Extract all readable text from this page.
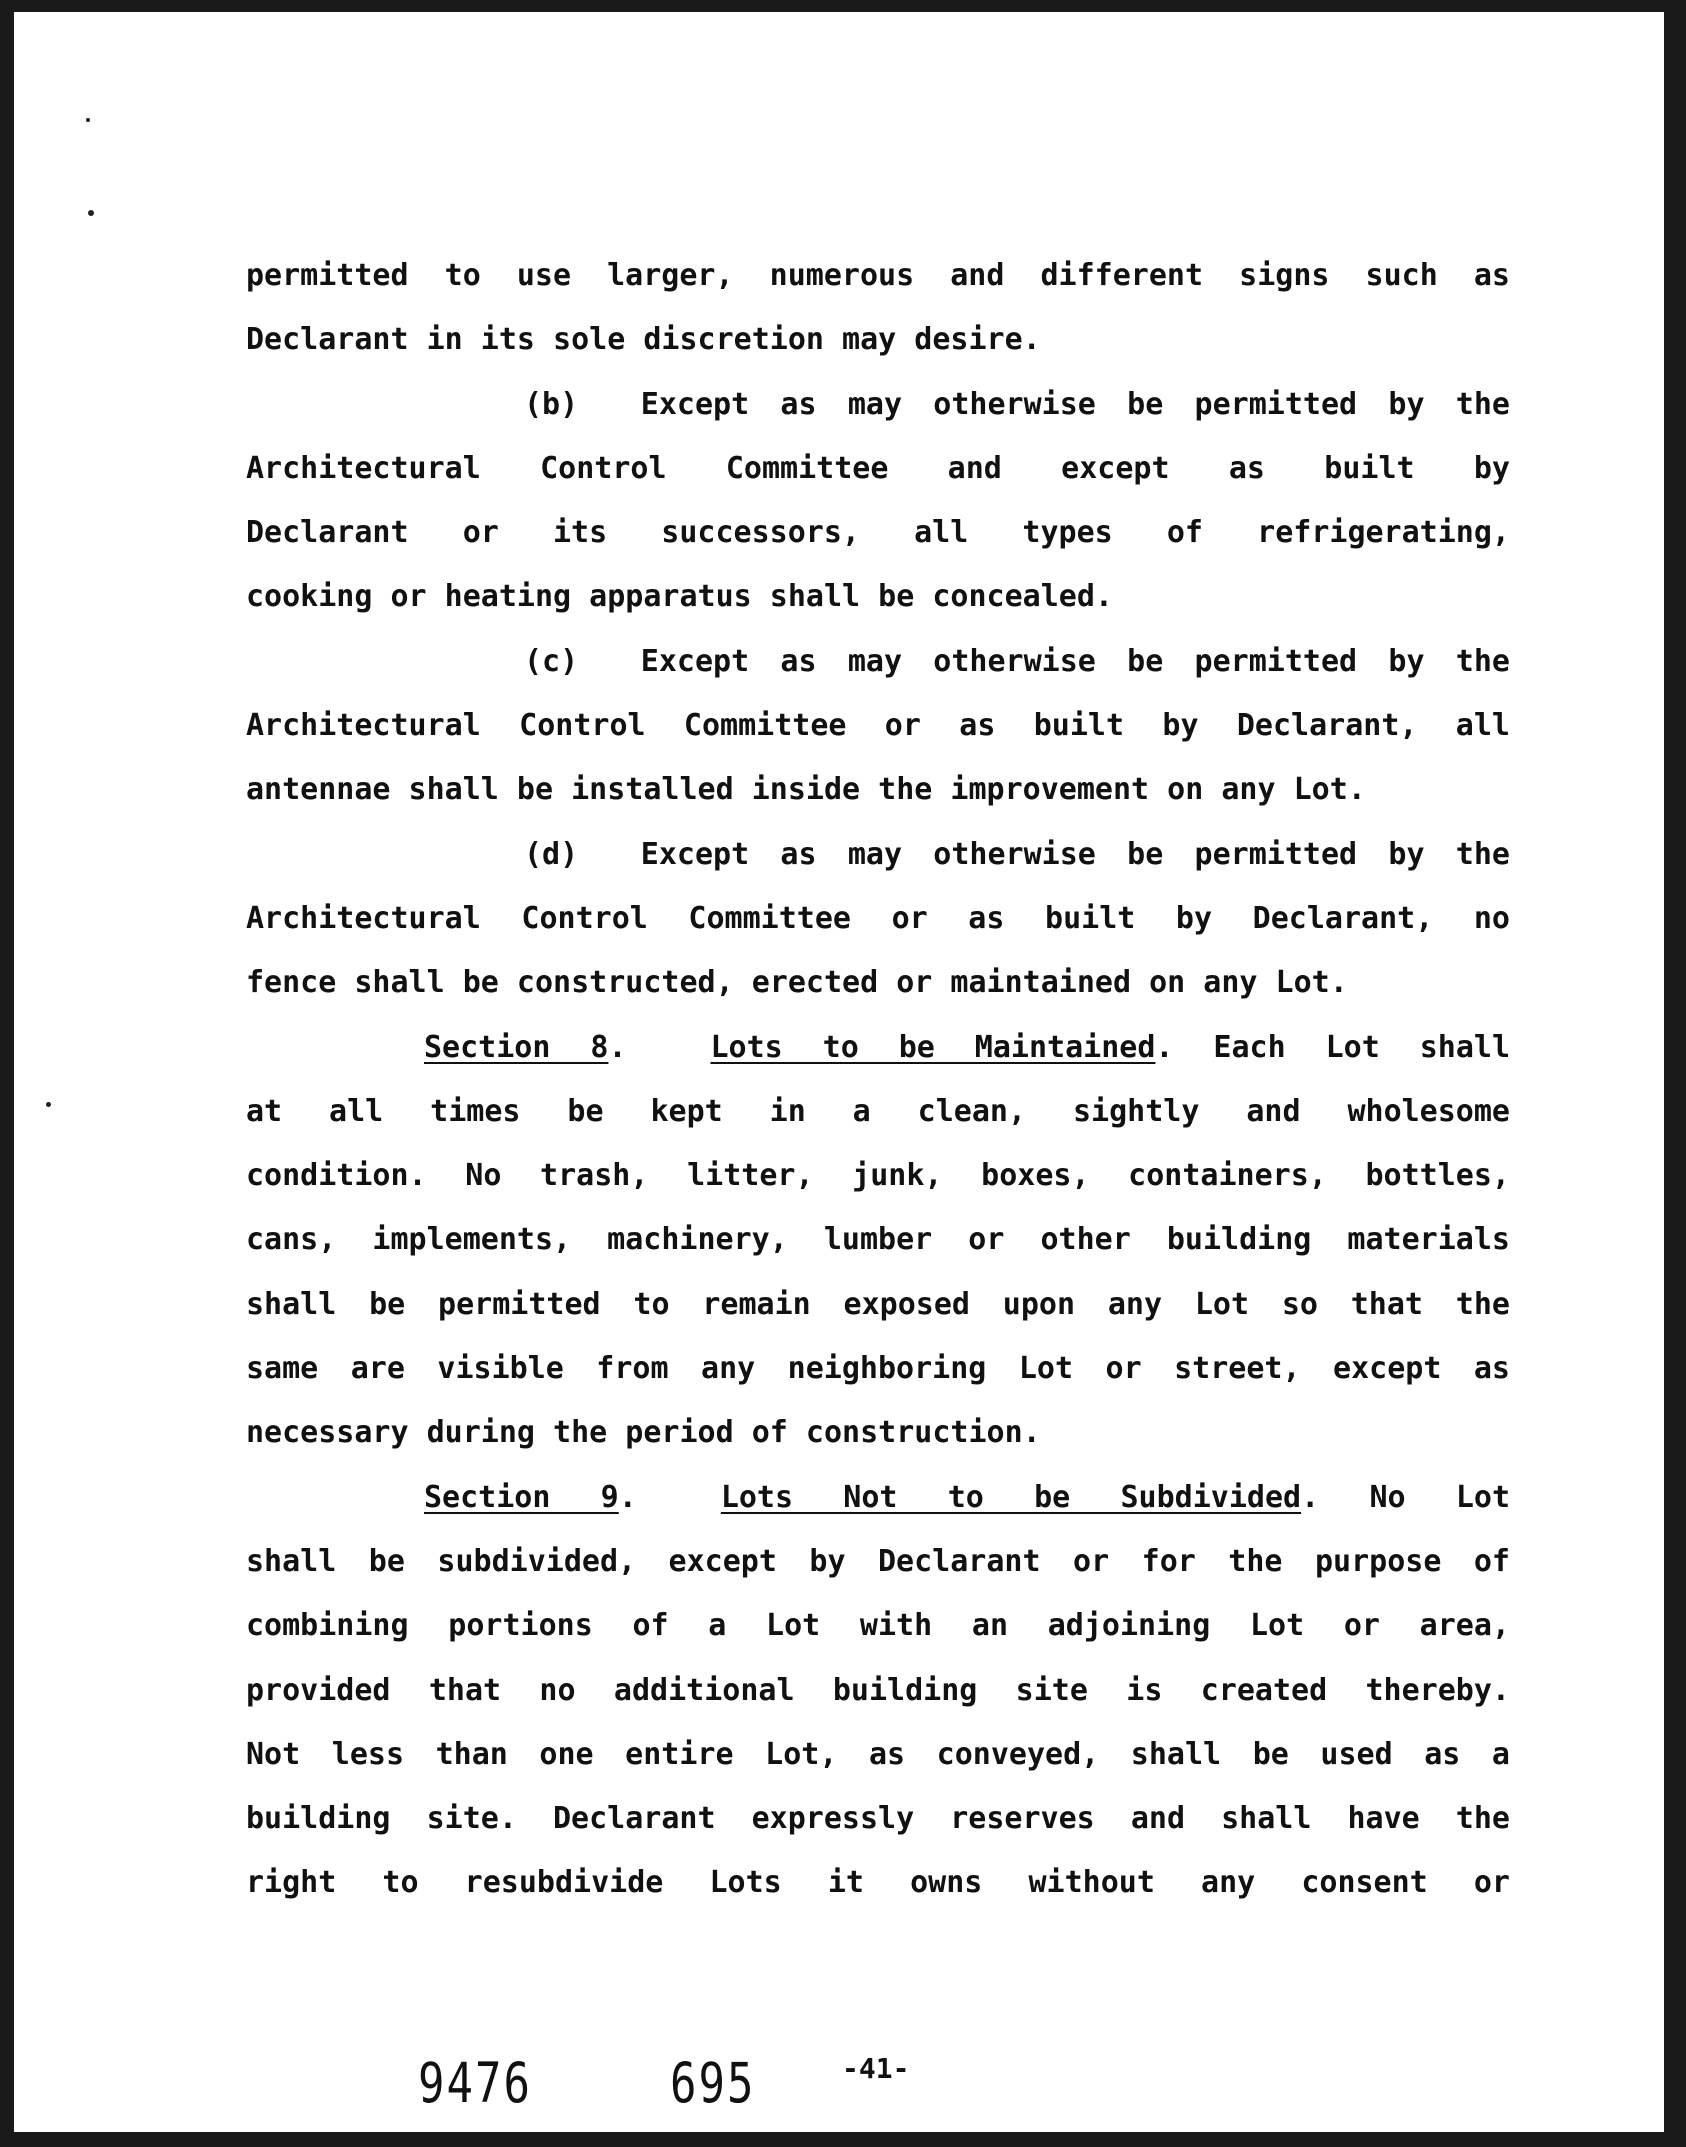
permitted to use larger, numerous and different signs such as
Declarant in its sole discretion may desire.
(b) Except as may otherwise be permitted by the
Architectural Control Committee and except as built by
Declarant or its successors, all types of refrigerating,
cooking or heating apparatus shall be concealed.
(c) Except as may otherwise be permitted by the
Architectural Control Committee or as built by Declarant, all
antennae shall be installed inside the improvement on any Lot.
(d) Except as may otherwise be permitted by the
Architectural Control Committee or as built by Declarant, no
fence shall be constructed, erected or maintained on any Lot.
Section 8.	Lots to be Maintained. Each Lot shall
at all times be kept in a clean, sightly and wholesome
condition. No trash, litter, junk, boxes, containers, bottles,
cans, implements, machinery, lumber or other building materials
shall be permitted to remain exposed upon any Lot so that the
same are visible from any neighboring Lot or street, except as
necessary during the period of construction.
Section 9.	Lots Not to be Subdivided. No Lot
shall be subdivided, except by Declarant or for the purpose of
combining portions of a Lot with an adjoining Lot or area,
provided that no additional building site is created thereby.
Not less than one entire Lot, as conveyed, shall be used as a
building site. Declarant expressly reserves and shall have the
right to resubdivide Lots it owns without any consent or
9476	695	-41-
